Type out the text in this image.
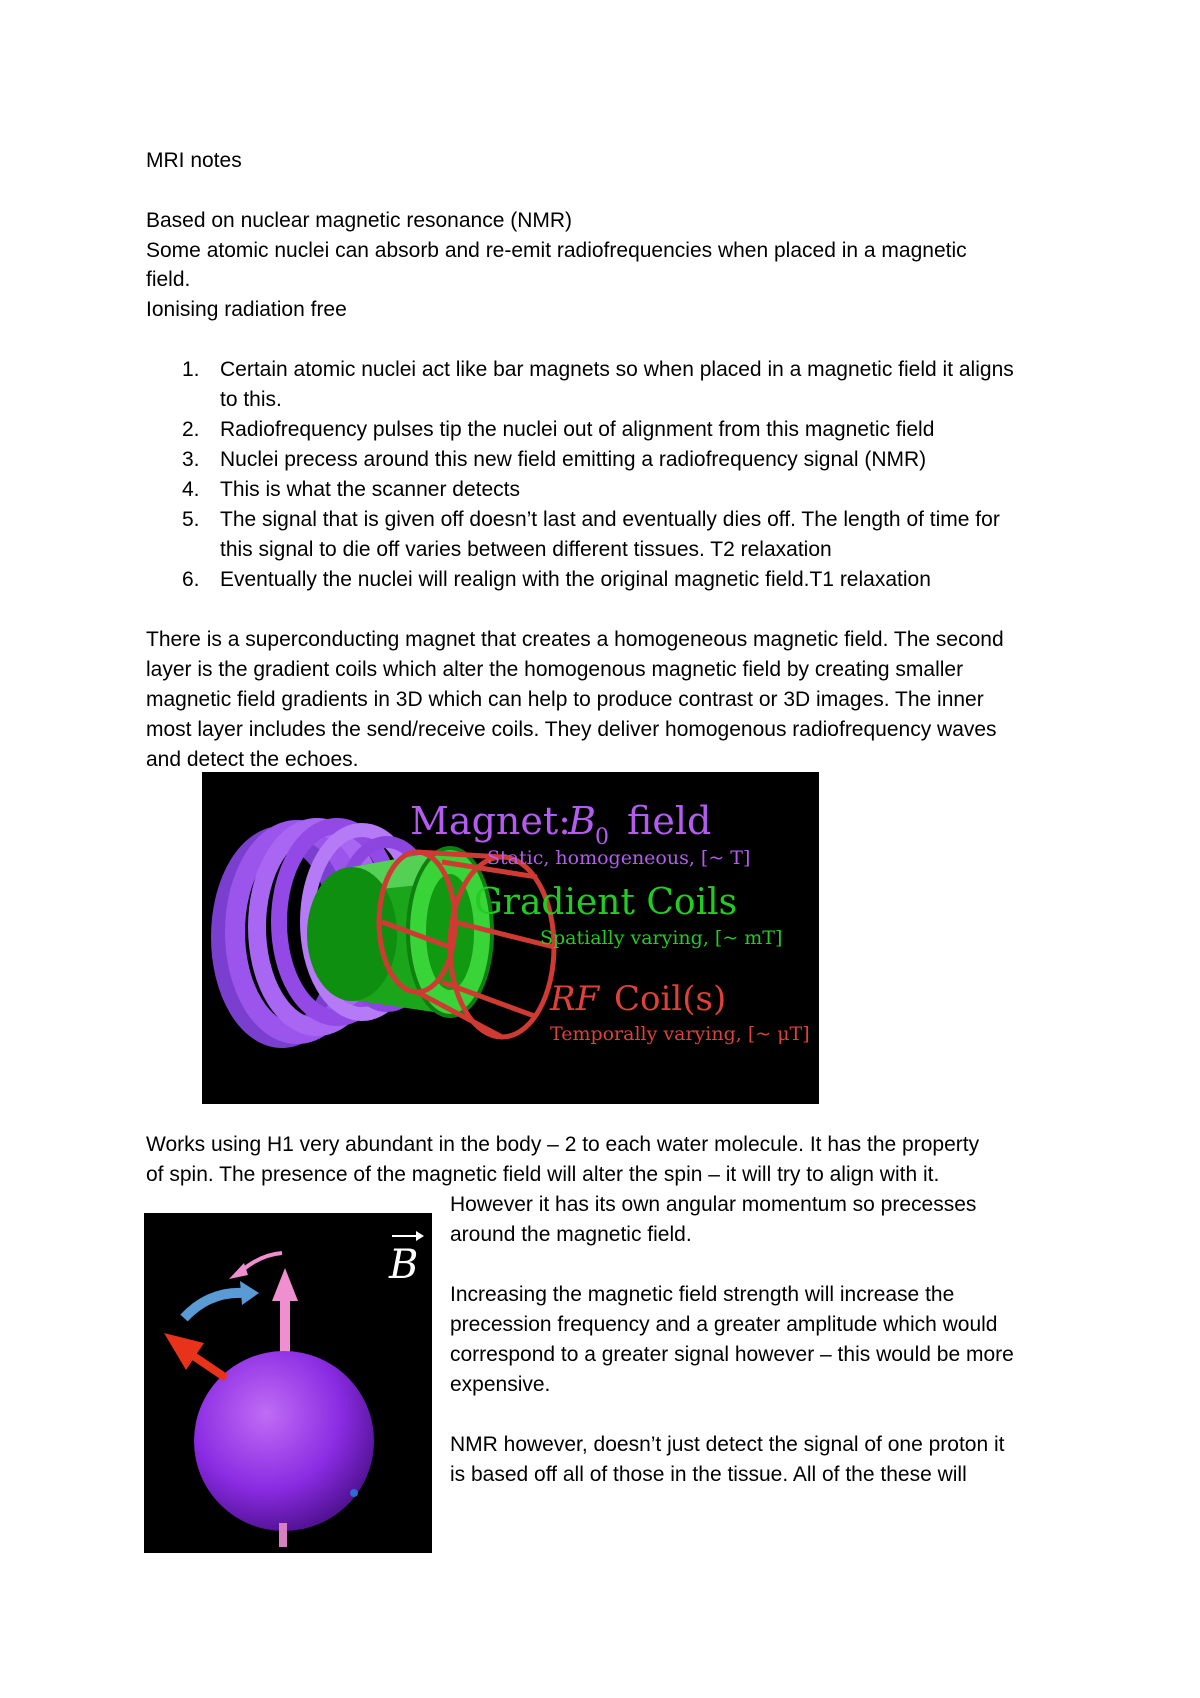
MRI notes
Based on nuclear magnetic resonance (NMR)
Some atomic nuclei can absorb and re-emit radiofrequencies when placed in a magnetic
field.
Ionising radiation free
1. Certain atomic nuclei act like bar magnets so when placed in a magnetic field it aligns
to this.
2. Radiofrequency pulses tip the nuclei out of alignment from this magnetic field
3. Nuclei precess around this new field emitting a radiofrequency signal (NMR)
4. This is what the scanner detects
5. The signal that is given off doesn’t last and eventually dies off. The length of time for
this signal to die off varies between different tissues. T2 relaxation
6. Eventually the nuclei will realign with the original magnetic field.T1 relaxation
There is a superconducting magnet that creates a homogeneous magnetic field. The second
layer is the gradient coils which alter the homogenous magnetic field by creating smaller
magnetic field gradients in 3D which can help to produce contrast or 3D images. The inner
most layer includes the send/receive coils. They deliver homogenous radiofrequency waves
and detect the echoes.
Magnet:
B 0 field
Static, homogeneous, [~ T]
Gradient Coils
Spatially varying, [~ mT]
RF Coil(s)
Temporally varying, [~ μT]
Works using H1 very abundant in the body – 2 to each water molecule. It has the property
of spin. The presence of the magnetic field will alter the spin – it will try to align with it.
B
However it has its own angular momentum so precesses
around the magnetic field.
Increasing the magnetic field strength will increase the
precession frequency and a greater amplitude which would
correspond to a greater signal however – this would be more
expensive.
NMR however, doesn’t just detect the signal of one proton it
is based off all of those in the tissue. All of the these will
